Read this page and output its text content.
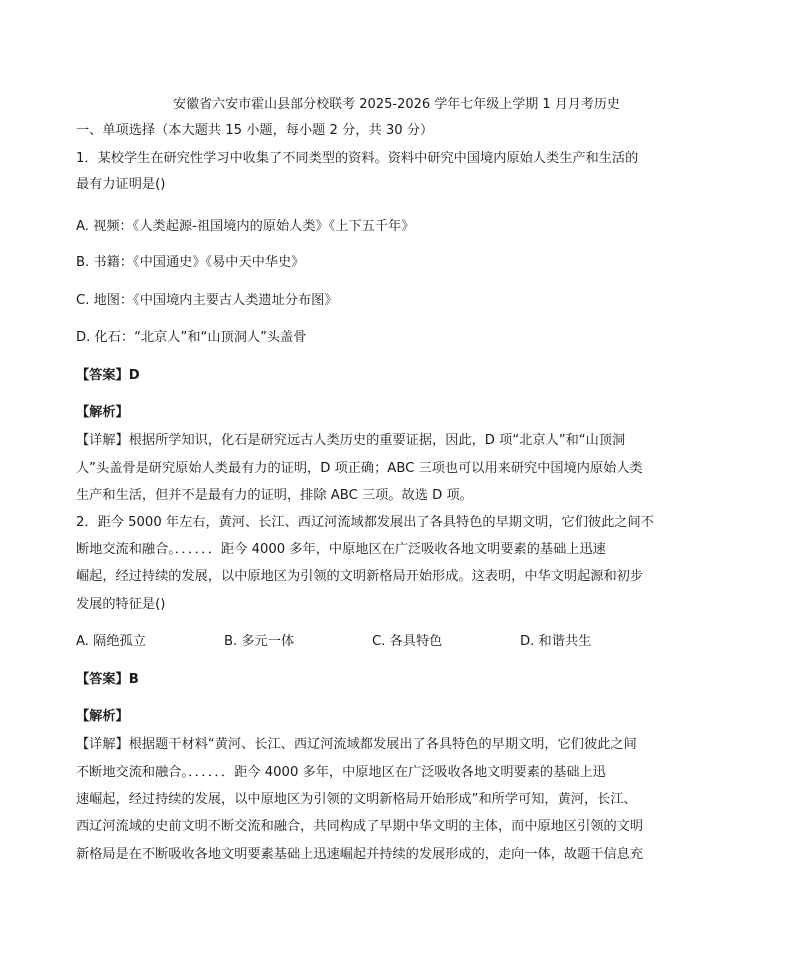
安徽省六安市霍山县部分校联考 2025-2026 学年七年级上学期 1 月月考历史
一、单项选择（本大题共 15 小题，每小题 2 分，共 30 分）
1．某校学生在研究性学习中收集了不同类型的资料。资料中研究中国境内原始人类生产和生活的
最有力证明是()
A. 视频：《人类起源-祖国境内的原始人类》《上下五千年》
B. 书籍：《中国通史》《易中天中华史》
C. 地图：《中国境内主要古人类遗址分布图》
D. 化石：“北京人”和“山顶洞人”头盖骨
【答案】D
【解析】
【详解】根据所学知识，化石是研究远古人类历史的重要证据，因此，D 项“北京人”和“山顶洞
人”头盖骨是研究原始人类最有力的证明，D 项正确；ABC 三项也可以用来研究中国境内原始人类
生产和生活，但并不是最有力的证明，排除 ABC 三项。故选 D 项。
2．距今 5000 年左右，黄河、长江、西辽河流域都发展出了各具特色的早期文明，它们彼此之间不
断地交流和融合。．．．．．．距今 4000 多年，中原地区在广泛吸收各地文明要素的基础上迅速
崛起，经过持续的发展，以中原地区为引领的文明新格局开始形成。这表明，中华文明起源和初步
发展的特征是()
A. 隔绝孤立	B. 多元一体	C. 各具特色	D. 和谐共生
【答案】B
【解析】
【详解】根据题干材料“黄河、长江、西辽河流域都发展出了各具特色的早期文明，它们彼此之间
不断地交流和融合。．．．．．．距今 4000 多年，中原地区在广泛吸收各地文明要素的基础上迅
速崛起，经过持续的发展，以中原地区为引领的文明新格局开始形成”和所学可知，黄河，长江、
西辽河流域的史前文明不断交流和融合，共同构成了早期中华文明的主体，而中原地区引领的文明
新格局是在不断吸收各地文明要素基础上迅速崛起并持续的发展形成的，走向一体，故题干信息充
